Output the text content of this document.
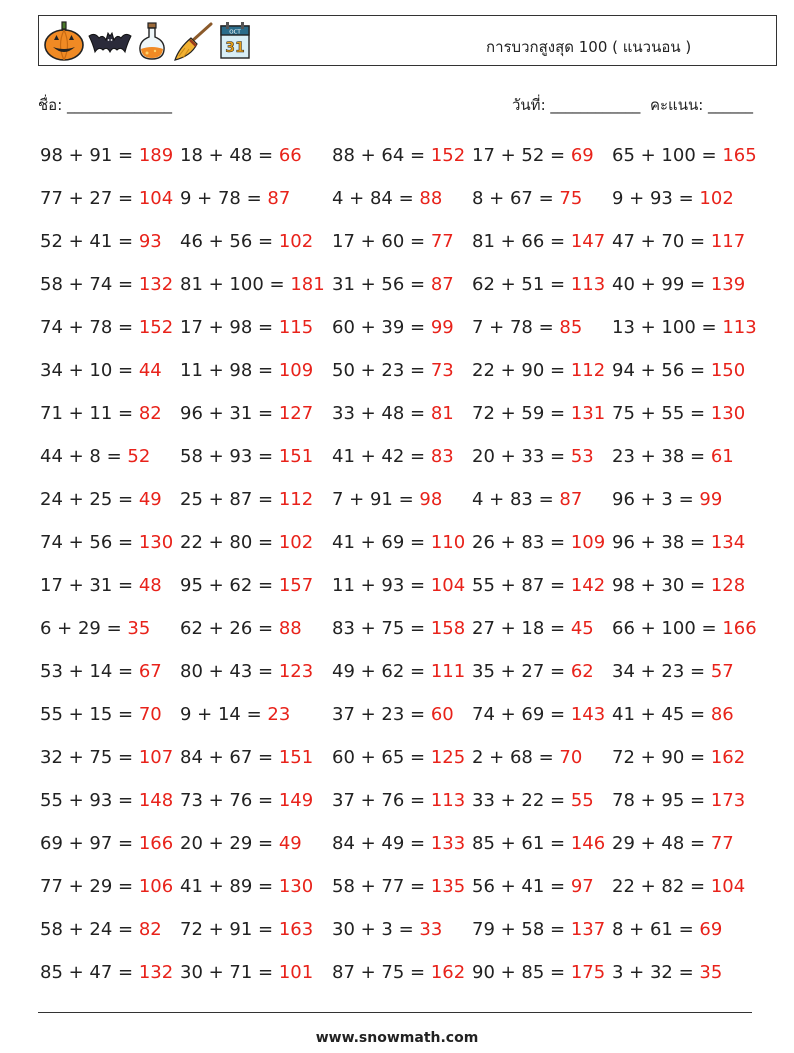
OCT
31	การบวกสูงสุด 100 ( แนวนอน )
ชื่อ: ______________	วันที่: ____________ คะแนน: ______
98 + 91 = 189 18 + 48 = 66 88 + 64 = 152 17 + 52 = 69 65 + 100 = 165
77 + 27 = 104 9 + 78 = 87 4 + 84 = 88 8 + 67 = 75 9 + 93 = 102
52 + 41 = 93 46 + 56 = 102 17 + 60 = 77 81 + 66 = 147 47 + 70 = 117
58 + 74 = 132 81 + 100 = 181 31 + 56 = 87 62 + 51 = 113 40 + 99 = 139
74 + 78 = 152 17 + 98 = 115 60 + 39 = 99 7 + 78 = 85 13 + 100 = 113
34 + 10 = 44 11 + 98 = 109 50 + 23 = 73 22 + 90 = 112 94 + 56 = 150
71 + 11 = 82 96 + 31 = 127 33 + 48 = 81 72 + 59 = 131 75 + 55 = 130
44 + 8 = 52 58 + 93 = 151 41 + 42 = 83 20 + 33 = 53 23 + 38 = 61
24 + 25 = 49 25 + 87 = 112 7 + 91 = 98 4 + 83 = 87 96 + 3 = 99
74 + 56 = 130 22 + 80 = 102 41 + 69 = 110 26 + 83 = 109 96 + 38 = 134
17 + 31 = 48 95 + 62 = 157 11 + 93 = 104 55 + 87 = 142 98 + 30 = 128
6 + 29 = 35 62 + 26 = 88 83 + 75 = 158 27 + 18 = 45 66 + 100 = 166
53 + 14 = 67 80 + 43 = 123 49 + 62 = 111 35 + 27 = 62 34 + 23 = 57
55 + 15 = 70 9 + 14 = 23 37 + 23 = 60 74 + 69 = 143 41 + 45 = 86
32 + 75 = 107 84 + 67 = 151 60 + 65 = 125 2 + 68 = 70 72 + 90 = 162
55 + 93 = 148 73 + 76 = 149 37 + 76 = 113 33 + 22 = 55 78 + 95 = 173
69 + 97 = 166 20 + 29 = 49 84 + 49 = 133 85 + 61 = 146 29 + 48 = 77
77 + 29 = 106 41 + 89 = 130 58 + 77 = 135 56 + 41 = 97 22 + 82 = 104
58 + 24 = 82 72 + 91 = 163 30 + 3 = 33 79 + 58 = 137 8 + 61 = 69
85 + 47 = 132 30 + 71 = 101 87 + 75 = 162 90 + 85 = 175 3 + 32 = 35
www.snowmath.com
